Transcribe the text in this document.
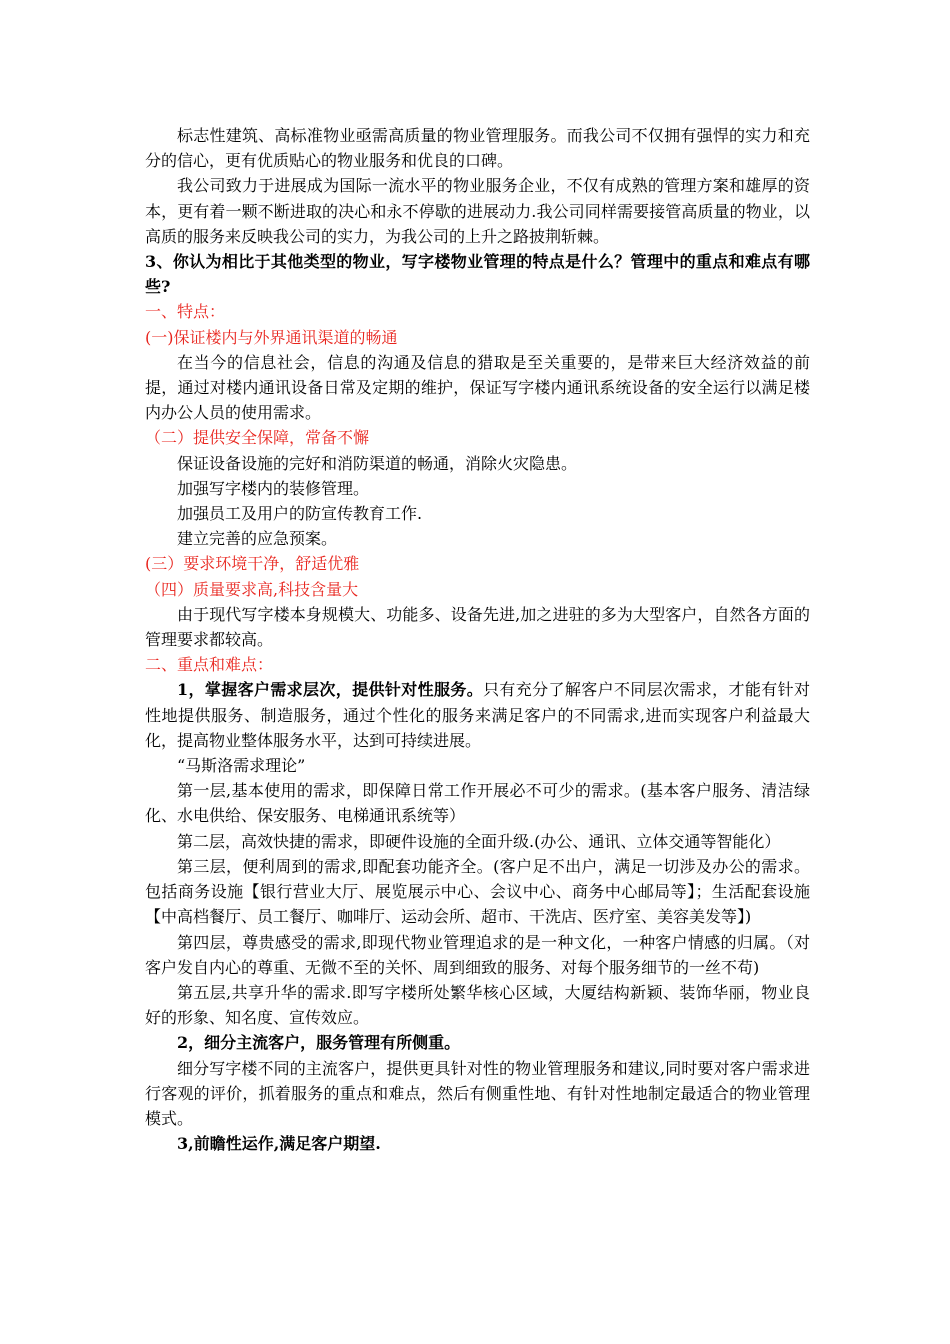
标志性建筑、高标准物业亟需高质量的物业管理服务。而我公司不仅拥有强悍的实力和充分的信心，更有优质贴心的物业服务和优良的口碑。

我公司致力于进展成为国际一流水平的物业服务企业，不仅有成熟的管理方案和雄厚的资本，更有着一颗不断进取的决心和永不停歇的进展动力.我公司同样需要接管高质量的物业，以高质的服务来反映我公司的实力，为我公司的上升之路披荆斩棘。

3、你认为相比于其他类型的物业，写字楼物业管理的特点是什么？管理中的重点和难点有哪些?

一、特点：

(一)保证楼内与外界通讯渠道的畅通

在当今的信息社会，信息的沟通及信息的猎取是至关重要的，是带来巨大经济效益的前提，通过对楼内通讯设备日常及定期的维护，保证写字楼内通讯系统设备的安全运行以满足楼内办公人员的使用需求。

（二）提供安全保障，常备不懈

保证设备设施的完好和消防渠道的畅通，消除火灾隐患。

加强写字楼内的装修管理。

加强员工及用户的防宣传教育工作.

建立完善的应急预案。

(三）要求环境干净，舒适优雅

（四）质量要求高,科技含量大

由于现代写字楼本身规模大、功能多、设备先进,加之进驻的多为大型客户，自然各方面的管理要求都较高。

二、重点和难点：

1，掌握客户需求层次，提供针对性服务。只有充分了解客户不同层次需求，才能有针对性地提供服务、制造服务，通过个性化的服务来满足客户的不同需求,进而实现客户利益最大化，提高物业整体服务水平，达到可持续进展。

“马斯洛需求理论”

第一层,基本使用的需求，即保障日常工作开展必不可少的需求。(基本客户服务、清洁绿化、水电供给、保安服务、电梯通讯系统等）

第二层，高效快捷的需求，即硬件设施的全面升级.(办公、通讯、立体交通等智能化）

第三层，便利周到的需求,即配套功能齐全。(客户足不出户，满足一切涉及办公的需求。包括商务设施【银行营业大厅、展览展示中心、会议中心、商务中心邮局等】；生活配套设施【中高档餐厅、员工餐厅、咖啡厅、运动会所、超市、干洗店、医疗室、美容美发等】)

第四层，尊贵感受的需求,即现代物业管理追求的是一种文化，一种客户情感的归属。（对客户发自内心的尊重、无微不至的关怀、周到细致的服务、对每个服务细节的一丝不苟)

第五层,共享升华的需求.即写字楼所处繁华核心区域，大厦结构新颖、装饰华丽，物业良好的形象、知名度、宣传效应。

2，细分主流客户，服务管理有所侧重。

细分写字楼不同的主流客户，提供更具针对性的物业管理服务和建议,同时要对客户需求进行客观的评价，抓着服务的重点和难点，然后有侧重性地、有针对性地制定最适合的物业管理模式。

3,前瞻性运作,满足客户期望.
